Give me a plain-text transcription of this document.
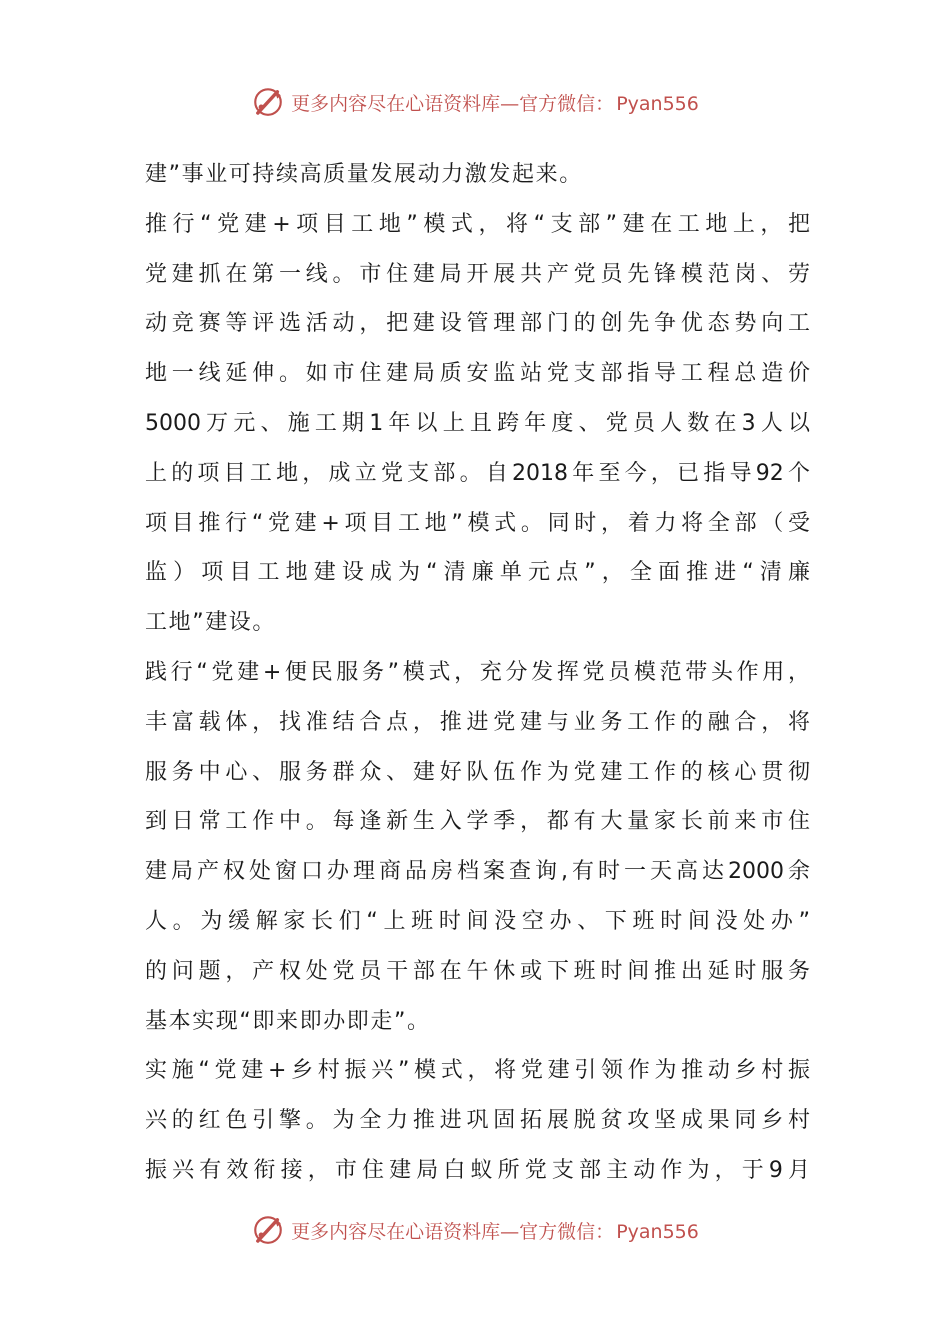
更多内容尽在心语资料库—官方微信： Pyan556
建”事业可持续高质量发展动力激发起来。
推行“党建+项目工地”模式，将“支部”建在工地上，把
党建抓在第一线。市住建局开展共产党员先锋模范岗、劳
动竞赛等评选活动，把建设管理部门的创先争优态势向工
地一线延伸。如市住建局质安监站党支部指导工程总造价
5000万元、施工期1年以上且跨年度、党员人数在3人以
上的项目工地，成立党支部。自2018年至今，已指导92个
项目推行“党建+项目工地”模式。同时，着力将全部（受
监）项目工地建设成为“清廉单元点”，全面推进“清廉
工地”建设。
践行“党建+便民服务”模式，充分发挥党员模范带头作用，
丰富载体，找准结合点，推进党建与业务工作的融合，将
服务中心、服务群众、建好队伍作为党建工作的核心贯彻
到日常工作中。每逢新生入学季，都有大量家长前来市住
建局产权处窗口办理商品房档案查询,有时一天高达2000余
人。为缓解家长们“上班时间没空办、下班时间没处办”
的问题，产权处党员干部在午休或下班时间推出延时服务
基本实现“即来即办即走”。
实施“党建+乡村振兴”模式，将党建引领作为推动乡村振
兴的红色引擎。为全力推进巩固拓展脱贫攻坚成果同乡村
振兴有效衔接，市住建局白蚁所党支部主动作为，于9月
更多内容尽在心语资料库—官方微信： Pyan556
